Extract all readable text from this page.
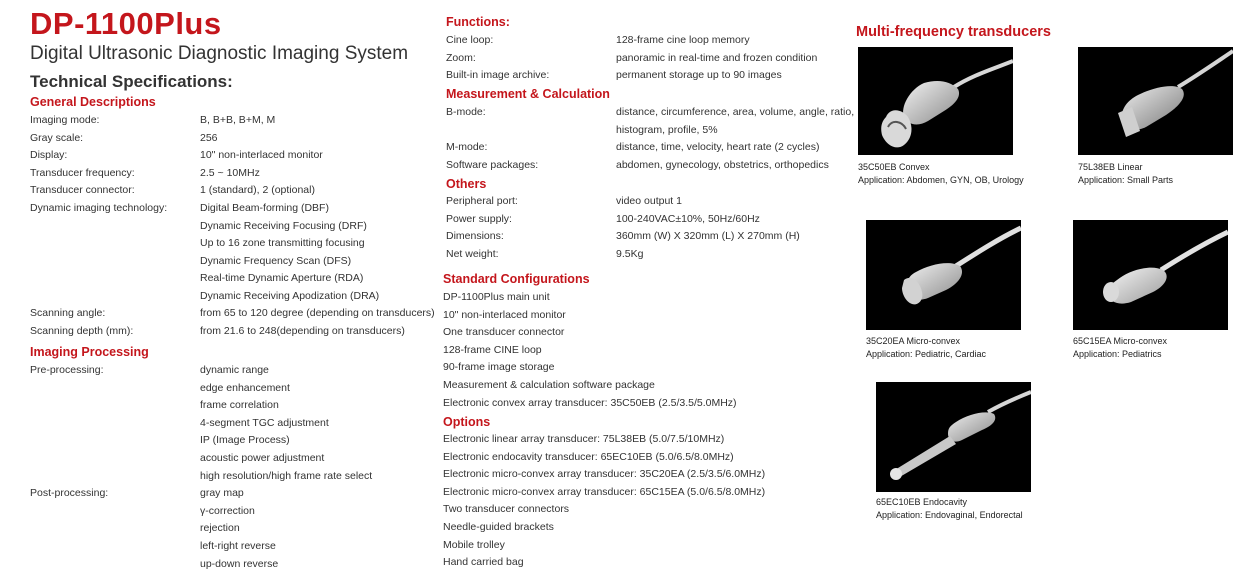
DP-1100Plus
Digital Ultrasonic Diagnostic Imaging System
Technical Specifications:
General Descriptions
Imaging mode:
Gray scale:
Display:
Transducer frequency:
Transducer connector:
Dynamic imaging technology:
B, B+B, B+M, M
256
10" non-interlaced monitor
2.5 ~ 10MHz
1 (standard), 2 (optional)
Digital Beam-forming (DBF)
Dynamic Receiving Focusing (DRF)
Up to 16 zone transmitting focusing
Dynamic Frequency Scan (DFS)
Real-time Dynamic Aperture (RDA)
Dynamic Receiving Apodization (DRA)
Scanning angle:
Scanning depth (mm):
from 65 to 120 degree (depending on transducers)
from 21.6 to 248(depending on transducers)
Imaging Processing
Pre-processing:	dynamic range
edge enhancement
frame correlation
4-segment TGC adjustment
IP (Image Process)
acoustic power adjustment
high resolution/high frame rate select
gray map
γ-correction
rejection
left-right reverse
up-down reverse
Post-processing:
Functions:
Cine loop:
Zoom:
Built-in image archive:
128-frame cine loop memory
panoramic in real-time and frozen condition
permanent storage up to 90 images
Measurement & Calculation
B-mode:
M-mode:
Software packages:
distance, circumference, area, volume, angle, ratio,
histogram, profile, 5%
distance, time, velocity, heart rate (2 cycles)
abdomen, gynecology, obstetrics, orthopedics
Others
Peripheral port:
Power supply:
Dimensions:
Net weight:
video output 1
100-240VAC±10%, 50Hz/60Hz
360mm (W) X 320mm (L) X 270mm (H)
9.5Kg
Standard Configurations
DP-1100Plus main unit
10" non-interlaced monitor
One transducer connector
128-frame CINE loop
90-frame image storage
Measurement & calculation software package
Electronic convex array transducer: 35C50EB (2.5/3.5/5.0MHz)
Options
Electronic linear array transducer: 75L38EB (5.0/7.5/10MHz)
Electronic endocavity transducer: 65EC10EB (5.0/6.5/8.0MHz)
Electronic micro-convex array transducer: 35C20EA (2.5/3.5/6.0MHz)
Electronic micro-convex array transducer: 65C15EA (5.0/6.5/8.0MHz)
Two transducer connectors
Needle-guided brackets
Mobile trolley
Hand carried bag
Multi-frequency transducers
35C50EB Convex
Application: Abdomen, GYN, OB, Urology
75L38EB Linear
Application: Small Parts
35C20EA Micro-convex
Application: Pediatric, Cardiac
65C15EA Micro-convex
Application: Pediatrics
65EC10EB Endocavity
Application: Endovaginal, Endorectal
